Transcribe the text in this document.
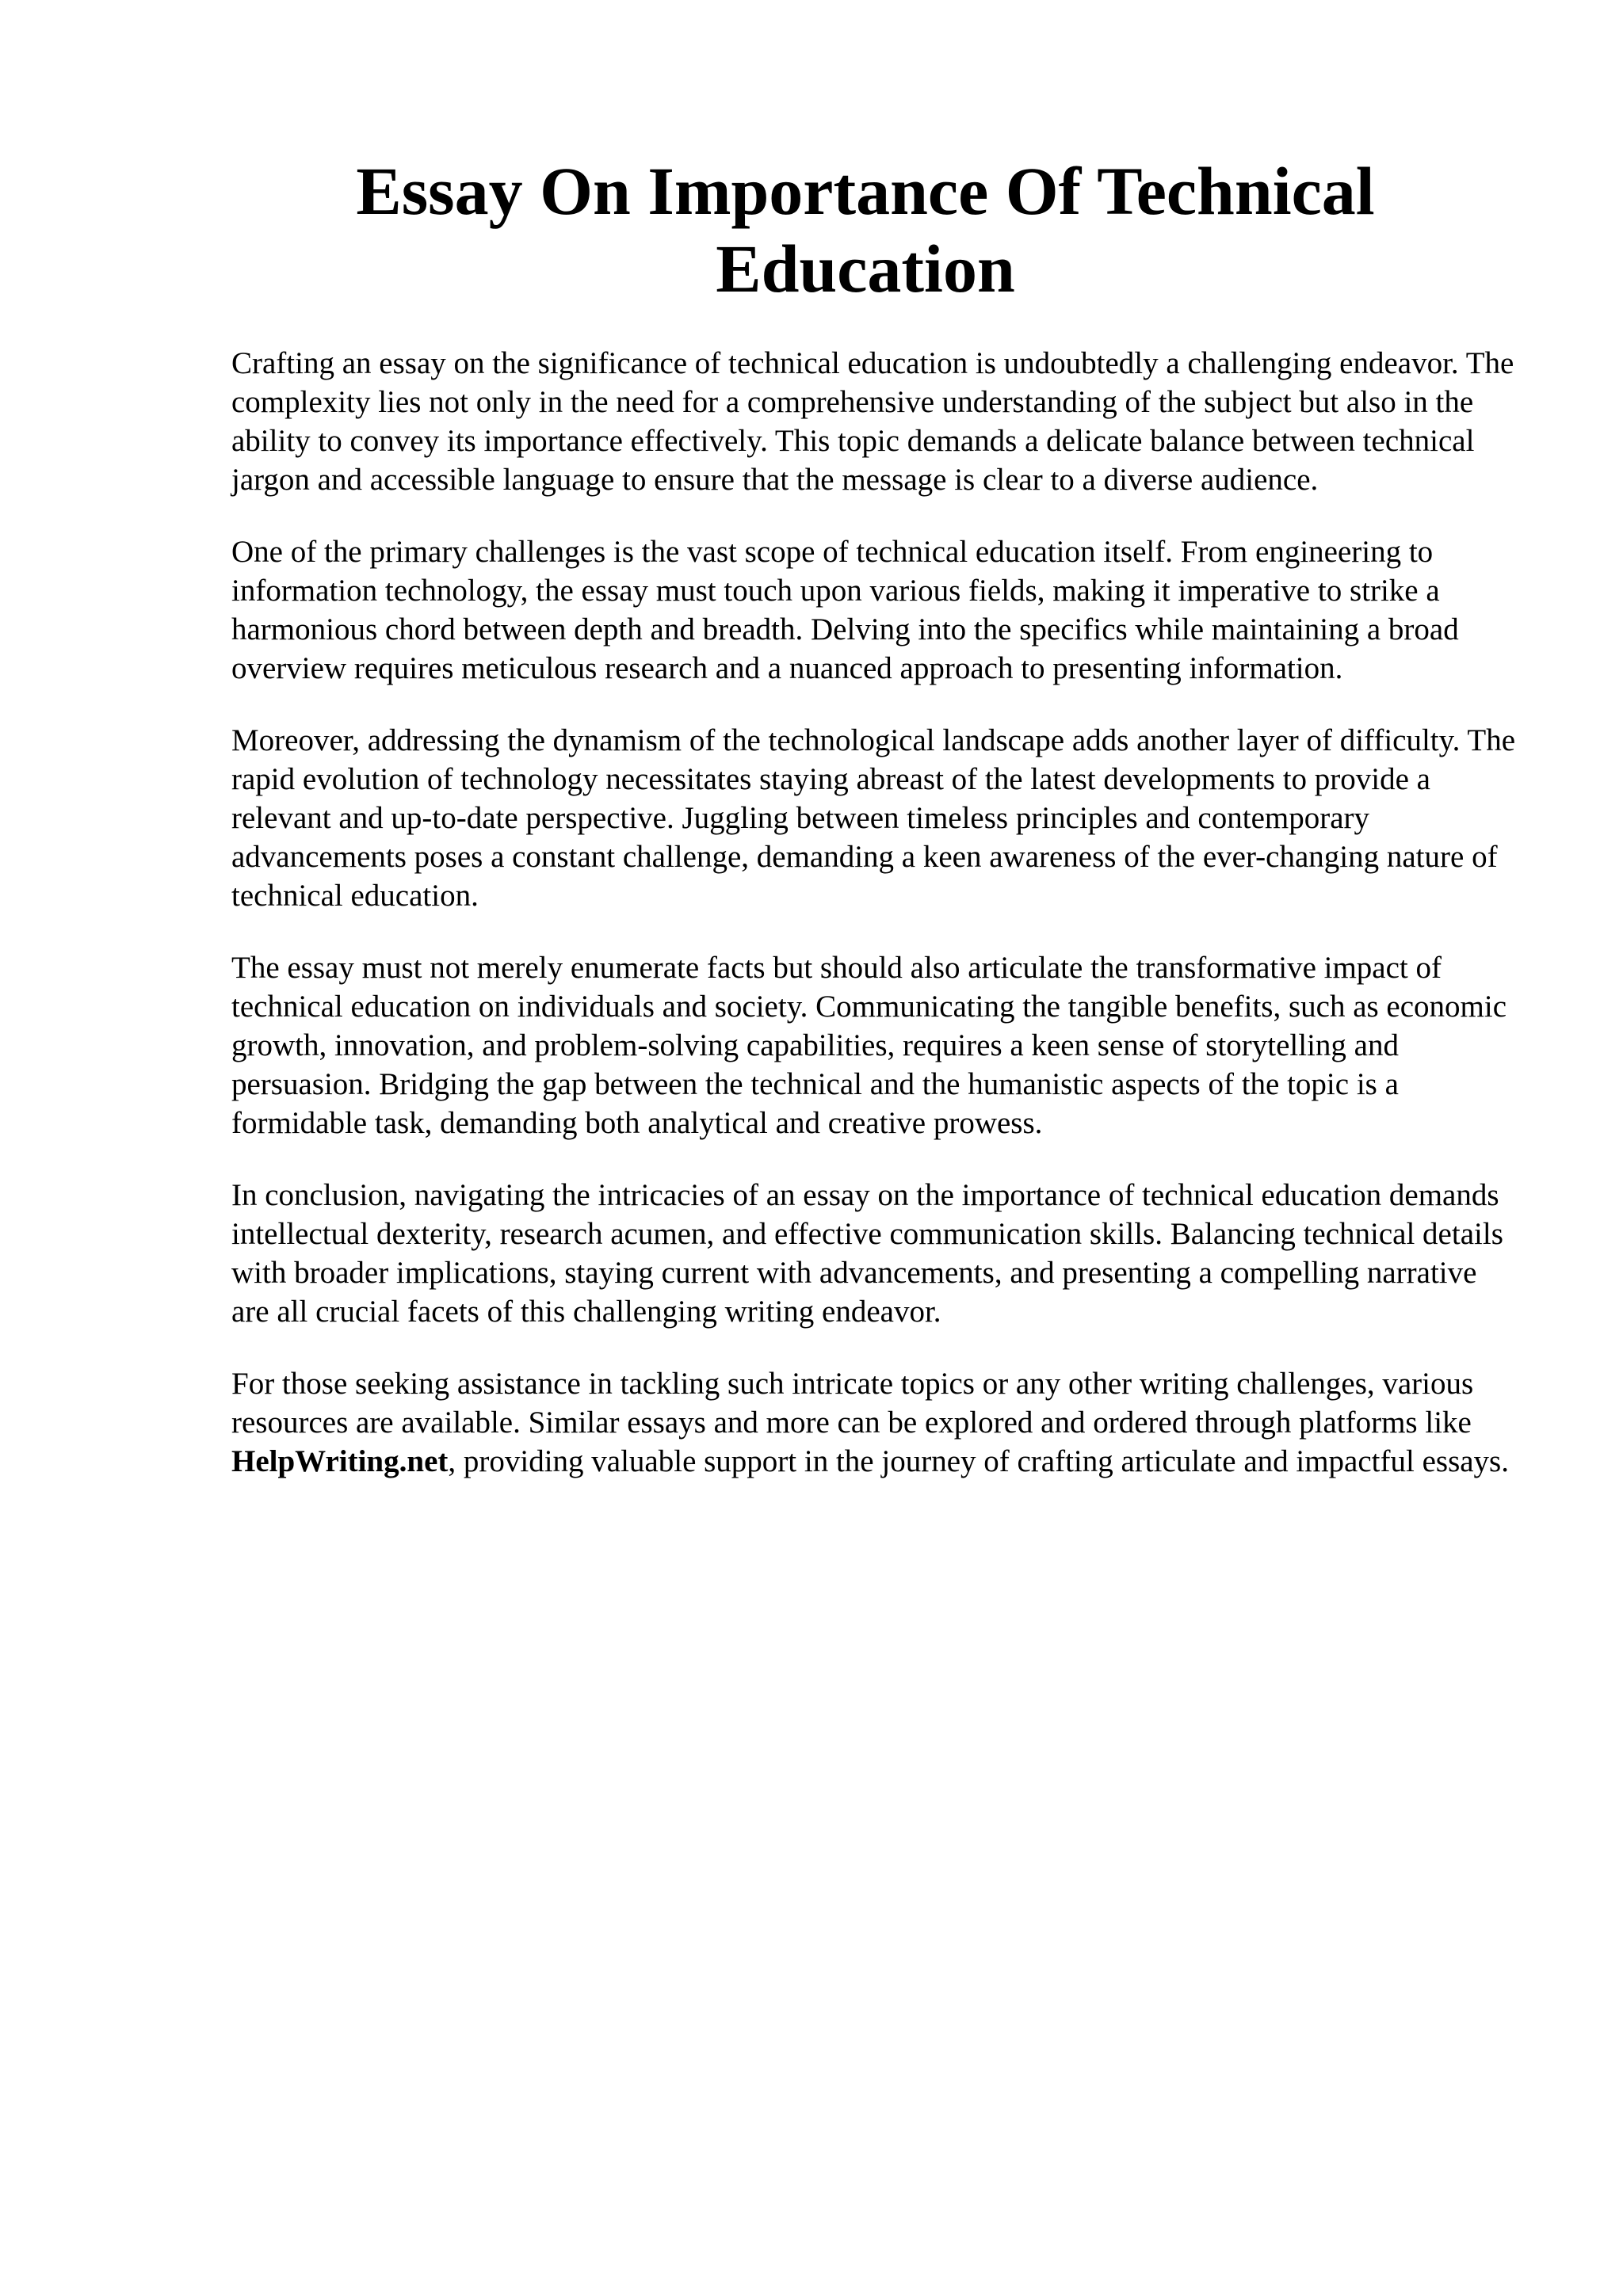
Essay On Importance Of Technical Education

Crafting an essay on the significance of technical education is undoubtedly a challenging endeavor. The complexity lies not only in the need for a comprehensive understanding of the subject but also in the ability to convey its importance effectively. This topic demands a delicate balance between technical jargon and accessible language to ensure that the message is clear to a diverse audience.

One of the primary challenges is the vast scope of technical education itself. From engineering to information technology, the essay must touch upon various fields, making it imperative to strike a harmonious chord between depth and breadth. Delving into the specifics while maintaining a broad overview requires meticulous research and a nuanced approach to presenting information.

Moreover, addressing the dynamism of the technological landscape adds another layer of difficulty. The rapid evolution of technology necessitates staying abreast of the latest developments to provide a relevant and up-to-date perspective. Juggling between timeless principles and contemporary advancements poses a constant challenge, demanding a keen awareness of the ever-changing nature of technical education.

The essay must not merely enumerate facts but should also articulate the transformative impact of technical education on individuals and society. Communicating the tangible benefits, such as economic growth, innovation, and problem-solving capabilities, requires a keen sense of storytelling and persuasion. Bridging the gap between the technical and the humanistic aspects of the topic is a formidable task, demanding both analytical and creative prowess.

In conclusion, navigating the intricacies of an essay on the importance of technical education demands intellectual dexterity, research acumen, and effective communication skills. Balancing technical details with broader implications, staying current with advancements, and presenting a compelling narrative are all crucial facets of this challenging writing endeavor.

For those seeking assistance in tackling such intricate topics or any other writing challenges, various resources are available. Similar essays and more can be explored and ordered through platforms like HelpWriting.net, providing valuable support in the journey of crafting articulate and impactful essays.
